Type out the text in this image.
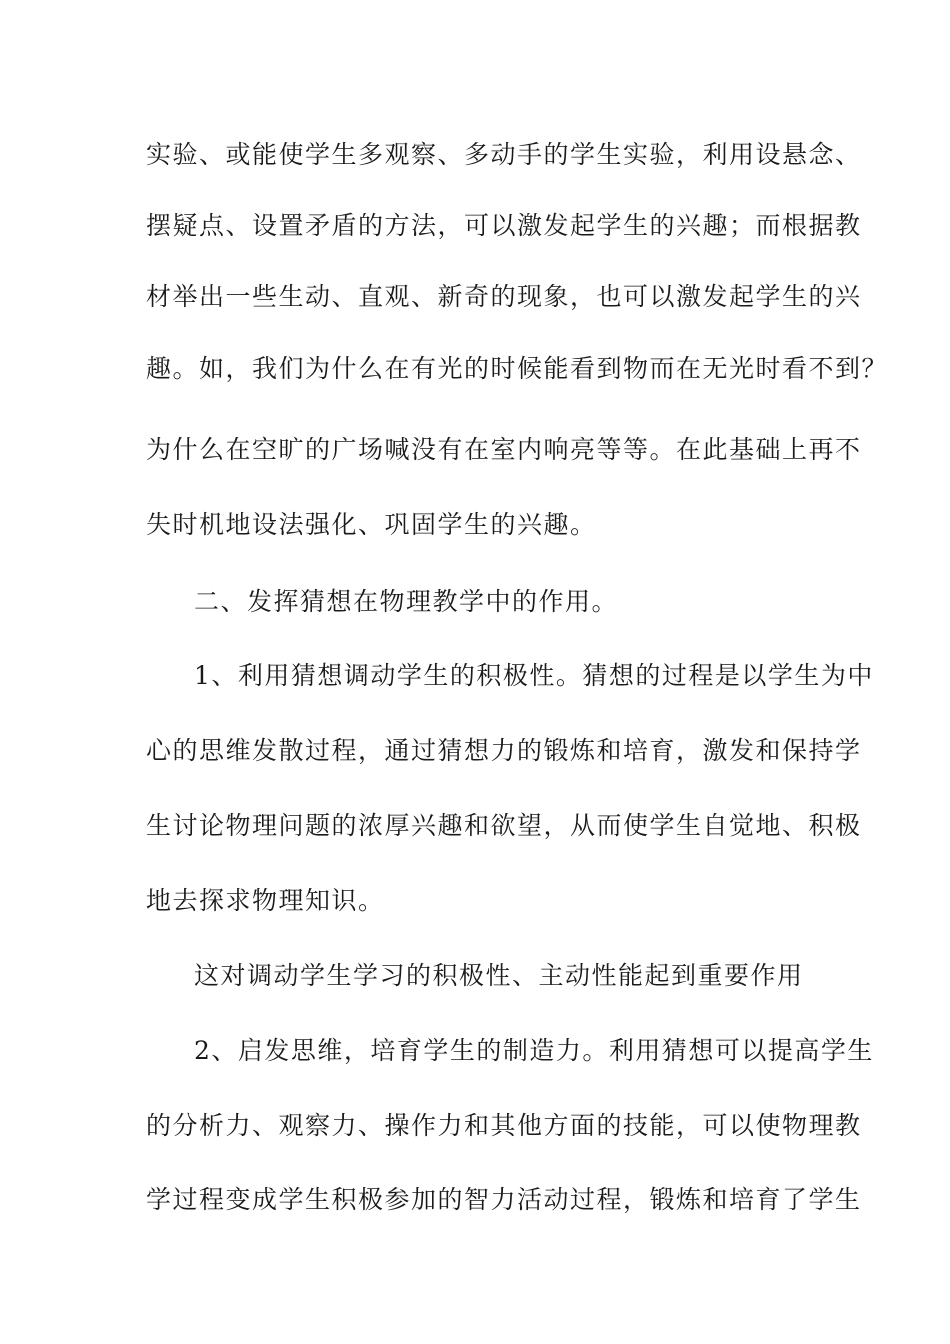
实验、或能使学生多观察、多动手的学生实验，利用设悬念、
摆疑点、设置矛盾的方法，可以激发起学生的兴趣；而根据教
材举出一些生动、直观、新奇的现象，也可以激发起学生的兴
趣。如，我们为什么在有光的时候能看到物而在无光时看不到？
为什么在空旷的广场喊没有在室内响亮等等。在此基础上再不
失时机地设法强化、巩固学生的兴趣。
二、发挥猜想在物理教学中的作用。
1、利用猜想调动学生的积极性。猜想的过程是以学生为中
心的思维发散过程，通过猜想力的锻炼和培育，激发和保持学
生讨论物理问题的浓厚兴趣和欲望，从而使学生自觉地、积极
地去探求物理知识。
这对调动学生学习的积极性、主动性能起到重要作用
2、启发思维，培育学生的制造力。利用猜想可以提高学生
的分析力、观察力、操作力和其他方面的技能，可以使物理教
学过程变成学生积极参加的智力活动过程，锻炼和培育了学生
